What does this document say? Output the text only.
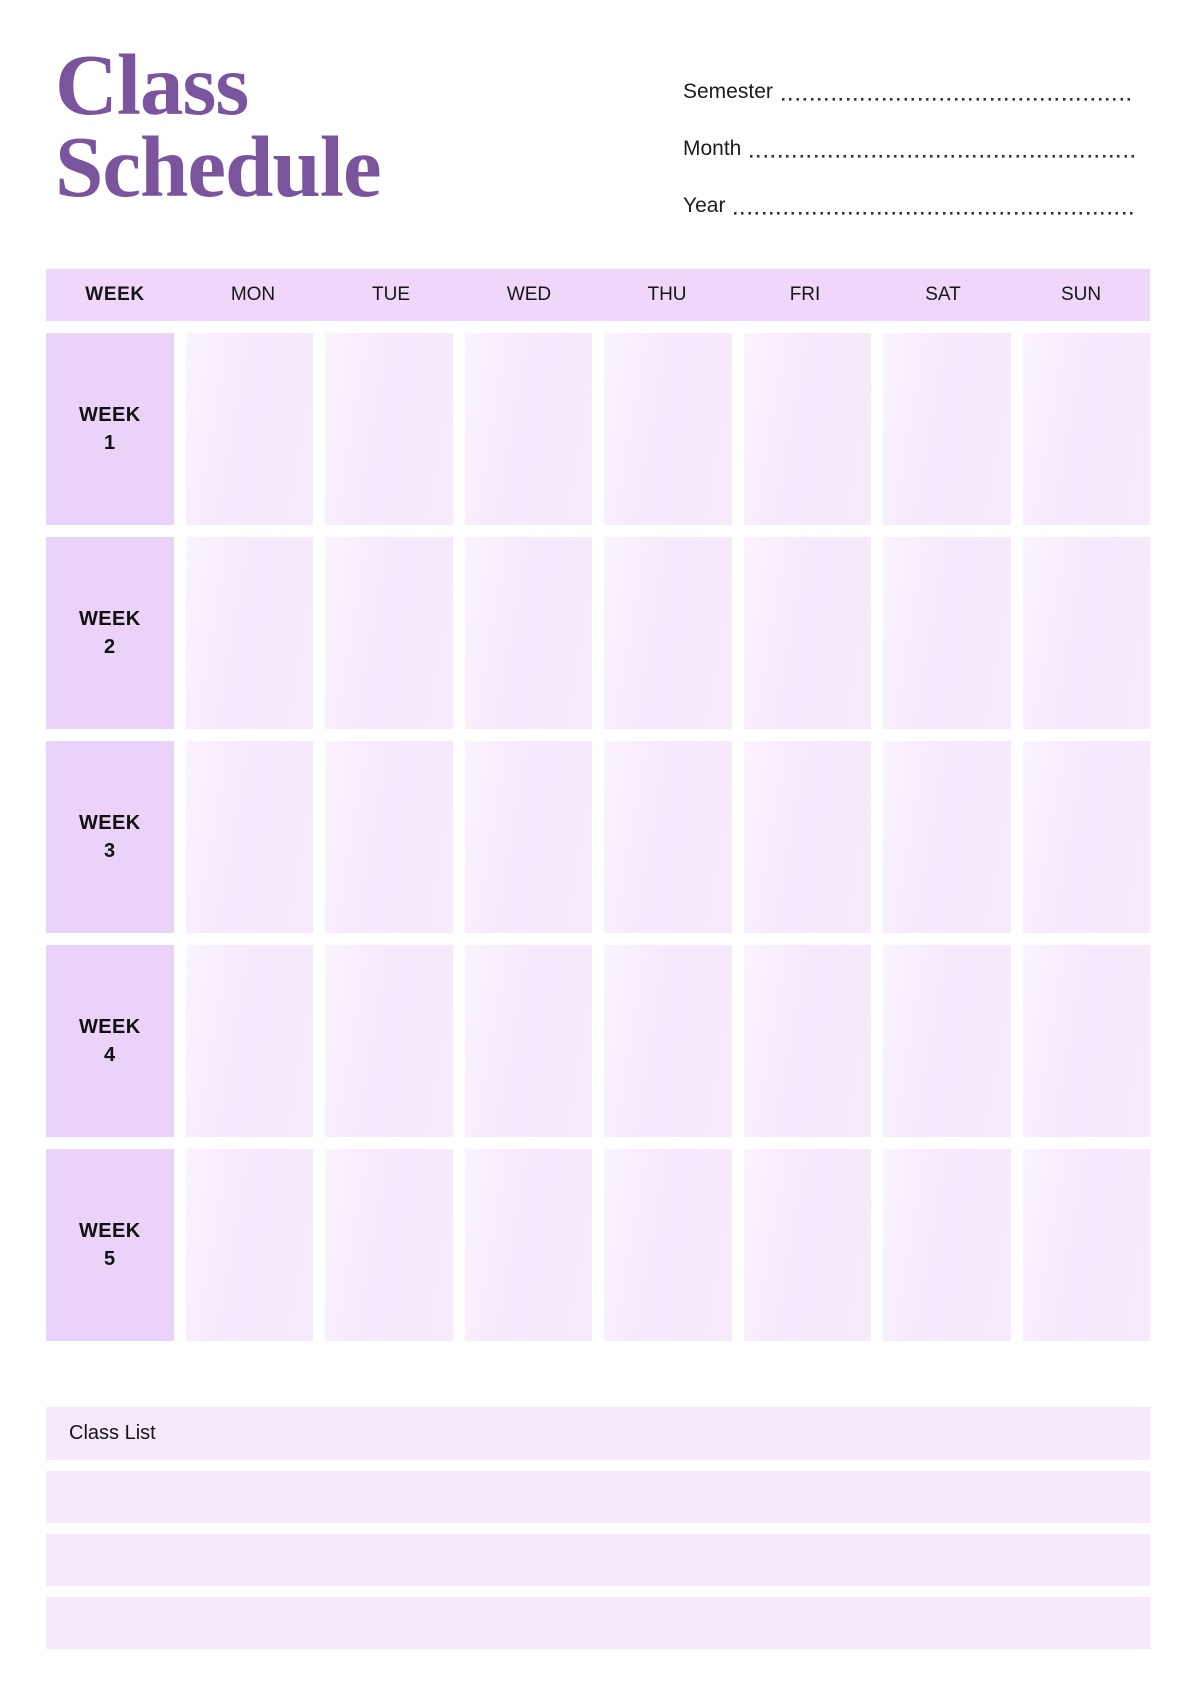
Class
Schedule
Semester
Month
Year
WEEK	MON	TUE	WED	THU	FRI	SAT	SUN
WEEK
1
WEEK
2
WEEK
3
WEEK
4
WEEK
5
Class List
